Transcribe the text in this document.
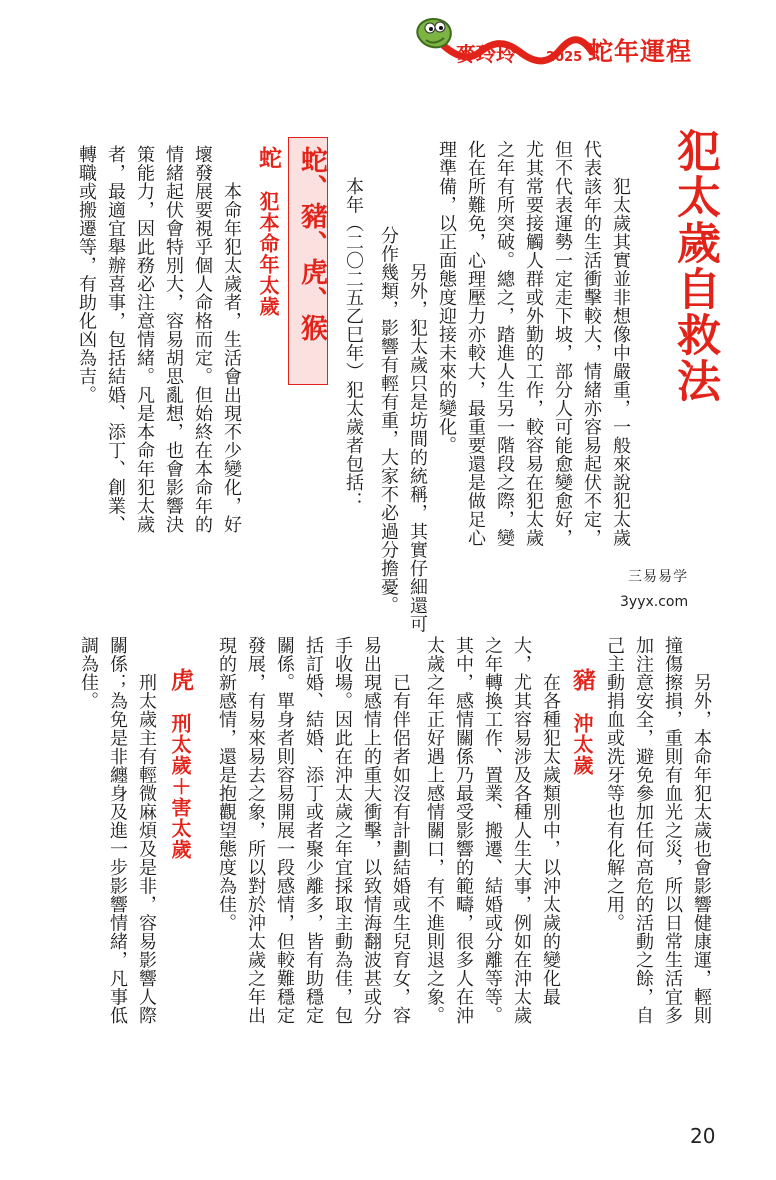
麥玲玲 2025 蛇年運程
犯太歲自救法
　　犯太歲其實並非想像中嚴重，一般來說犯太歲
代表該年的生活衝擊較大，情緒亦容易起伏不定，
但不代表運勢一定走下坡，部分人可能愈變愈好，
尤其常要接觸人群或外勤的工作，較容易在犯太歲
之年有所突破。總之，踏進人生另一階段之際，變
化在所難免，心理壓力亦較大，最重要還是做足心
理準備，以正面態度迎接未來的變化。
　　另外，犯太歲只是坊間的統稱，其實仔細還可
分作幾類，影響有輕有重，大家不必過分擔憂。
　　本年（二〇二五乙巳年）犯太歲者包括：
蛇、豬、虎、猴
蛇　犯本命年太歲
　　本命年犯太歲者，生活會出現不少變化，好
壞發展要視乎個人命格而定。但始終在本命年的
情緒起伏會特別大，容易胡思亂想，也會影響決
策能力，因此務必注意情緒。凡是本命年犯太歲
者，最適宜舉辦喜事，包括結婚、添丁、創業、
轉職或搬遷等，有助化凶為吉。
三易易学
3yyx.com
　　另外，本命年犯太歲也會影響健康運，輕則
撞傷擦損，重則有血光之災，所以日常生活宜多
加注意安全，避免參加任何高危的活動之餘，自
己主動捐血或洗牙等也有化解之用。
豬　沖太歲
　　在各種犯太歲類別中，以沖太歲的變化最
大，尤其容易涉及各種人生大事，例如在沖太歲
之年轉換工作、置業、搬遷、結婚或分離等等。
其中，感情關係乃最受影響的範疇，很多人在沖
太歲之年正好遇上感情關口，有不進則退之象。
　　已有伴侶者如沒有計劃結婚或生兒育女，容
易出現感情上的重大衝擊，以致情海翻波甚或分
手收場。因此在沖太歲之年宜採取主動為佳，包
括訂婚、結婚、添丁或者聚少離多，皆有助穩定
關係。單身者則容易開展一段感情，但較難穩定
發展，有易來易去之象，所以對於沖太歲之年出
現的新感情，還是抱觀望態度為佳。
虎　刑太歲＋害太歲
　　刑太歲主有輕微麻煩及是非，容易影響人際
關係；為免是非纏身及進一步影響情緒，凡事低
調為佳。
20
